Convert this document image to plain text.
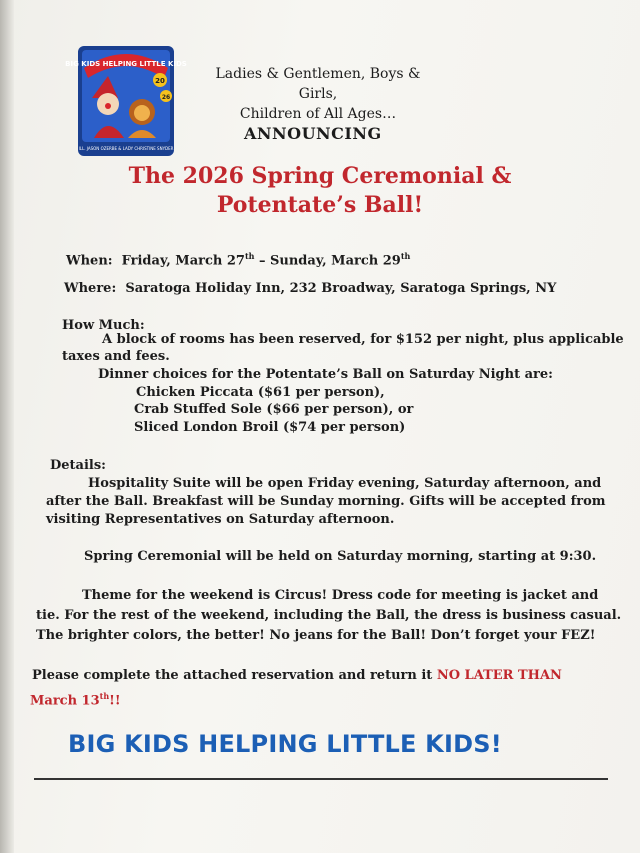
BIG KIDS HELPING LITTLE KIDS
20
26
ILL. JASON OZERBE & LADY CHRISTINE SNYDER
Ladies & Gentlemen, Boys & Girls,
Children of All Ages…
ANNOUNCING
The 2026 Spring Ceremonial &
Potentate’s Ball!
When: Friday, March 27th – Sunday, March 29th
Where: Saratoga Holiday Inn, 232 Broadway, Saratoga Springs, NY
How Much:
A block of rooms has been reserved, for $152 per night, plus applicable
taxes and fees.
Dinner choices for the Potentate’s Ball on Saturday Night are:
Chicken Piccata ($61 per person),
Crab Stuffed Sole ($66 per person), or
Sliced London Broil ($74 per person)
Details:
Hospitality Suite will be open Friday evening, Saturday afternoon, and
after the Ball. Breakfast will be Sunday morning. Gifts will be accepted from
visiting Representatives on Saturday afternoon.
Spring Ceremonial will be held on Saturday morning, starting at 9:30.
Theme for the weekend is Circus! Dress code for meeting is jacket and
tie. For the rest of the weekend, including the Ball, the dress is business casual.
The brighter colors, the better! No jeans for the Ball! Don’t forget your FEZ!
Please complete the attached reservation and return it NO LATER THAN
March 13th!!
BIG KIDS HELPING LITTLE KIDS!
